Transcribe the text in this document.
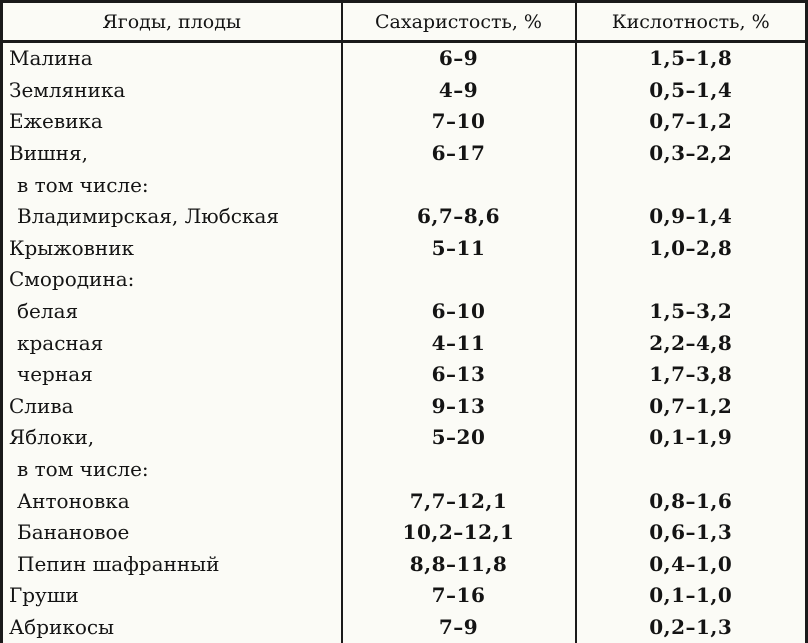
Ягоды, плоды	Сахаристость, %	Кислотность, %
Малина	6–9	1,5–1,8
Земляника	4–9	0,5–1,4
Ежевика	7–10	0,7–1,2
Вишня,	6–17	0,3–2,2
в том числе:		
Владимирская, Любская	6,7–8,6	0,9–1,4
Крыжовник	5–11	1,0–2,8
Смородина:		
белая	6–10	1,5–3,2
красная	4–11	2,2–4,8
черная	6–13	1,7–3,8
Слива	9–13	0,7–1,2
Яблоки,	5–20	0,1–1,9
в том числе:		
Антоновка	7,7–12,1	0,8–1,6
Банановое	10,2–12,1	0,6–1,3
Пепин шафранный	8,8–11,8	0,4–1,0
Груши	7–16	0,1–1,0
Абрикосы	7–9	0,2–1,3
